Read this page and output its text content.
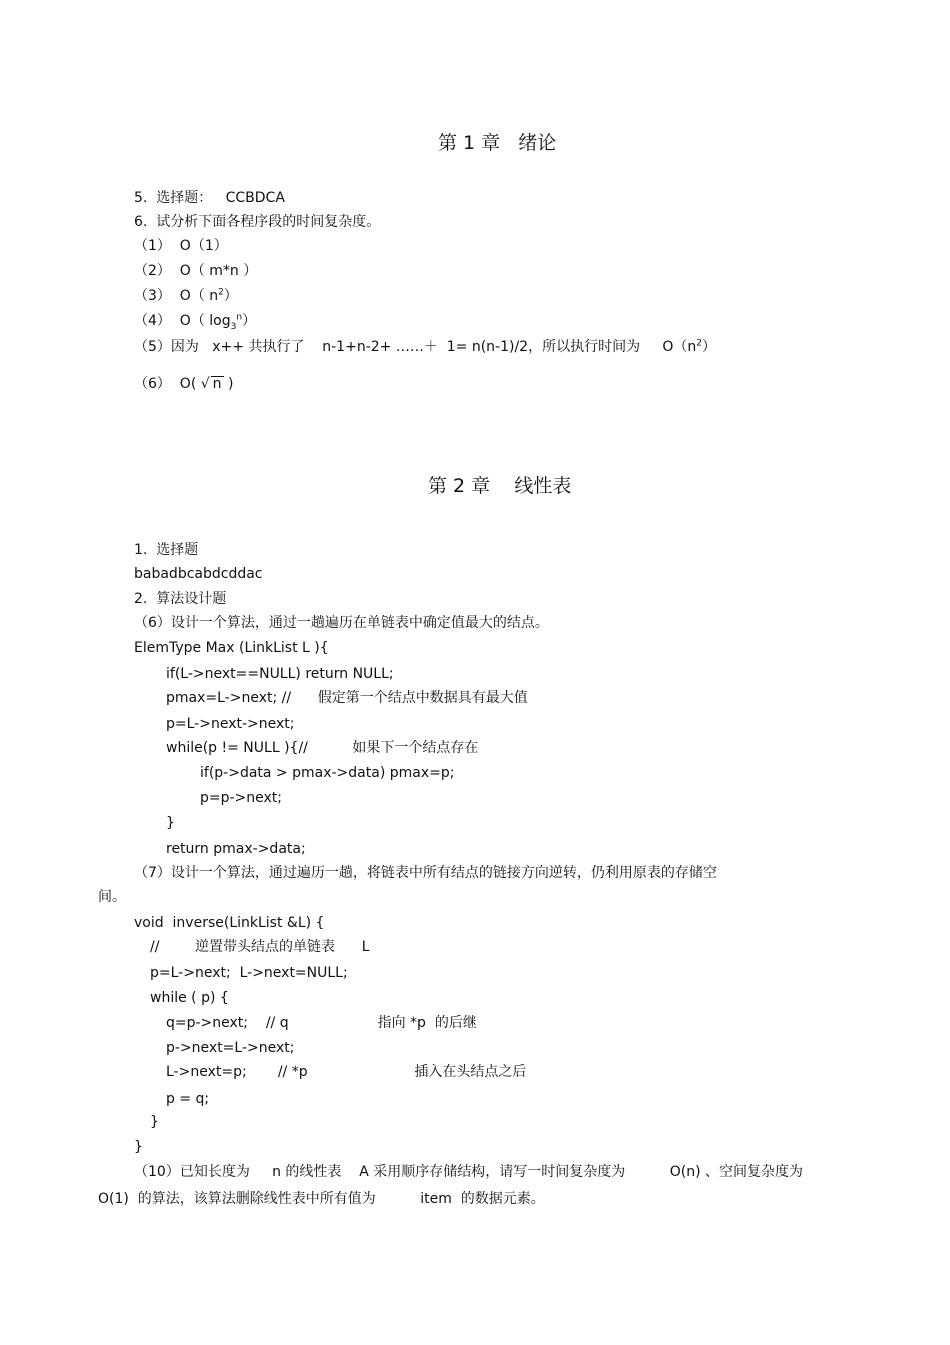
第 1 章   绪论
5.  选择题：   CCBDCA
6.  试分析下面各程序段的时间复杂度。
（1）  O（1）
（2）  O（ m*n ）
（3）  O（ $n^2$）
（4）  O（ $\log_3^n$）
（5）因为   x++ 共执行了    n-1+n-2+ ……＋  1= n(n-1)/2，所以执行时间为     $O(n^2)$
（6）  O( √ n )
第 2 章    线性表
1.  选择题
babadbcabdcddac
2.  算法设计题
（6）设计一个算法，通过一趟遍历在单链表中确定值最大的结点。
ElemType Max (LinkList L ){
if(L->next==NULL) return NULL;
pmax=L->next; //      假定第一个结点中数据具有最大值
p=L->next->next;
while(p != NULL ){//          如果下一个结点存在
if(p->data > pmax->data) pmax=p;
p=p->next;
}
return pmax->data;
（7）设计一个算法，通过遍历一趟，将链表中所有结点的链接方向逆转，仍利用原表的存储空
间。
void  inverse(LinkList &L) {
//        逆置带头结点的单链表      L
p=L->next;  L->next=NULL;
while ( p) {
q=p->next;    // q                    指向 *p  的后继
p->next=L->next;
L->next=p;       // *p                        插入在头结点之后
p = q;
}
}
（10）已知长度为     n 的线性表    A 采用顺序存储结构，请写一时间复杂度为          O(n) 、空间复杂度为
O(1)  的算法，该算法删除线性表中所有值为          item  的数据元素。
